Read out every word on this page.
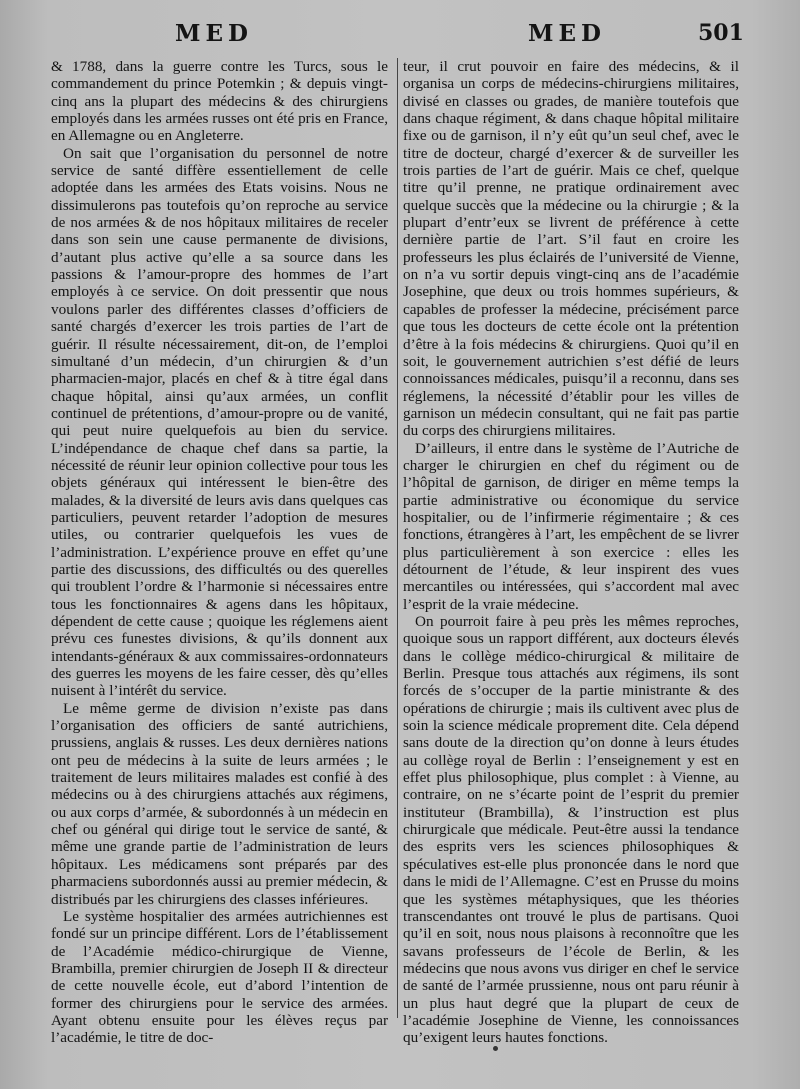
MED	MED	501

& 1788, dans la guerre contre les Turcs, sous le commandement du prince Potemkin ; & depuis vingt-cinq ans la plupart des médecins & des chirurgiens employés dans les armées russes ont été pris en France, en Allemagne ou en Angleterre.

On sait que l’organisation du personnel de notre service de santé diffère essentiellement de celle adoptée dans les armées des Etats voisins. Nous ne dissimulerons pas toutefois qu’on reproche au service de nos armées & de nos hôpitaux militaires de receler dans son sein une cause permanente de divisions, d’autant plus active qu’elle a sa source dans les passions & l’amour-propre des hommes de l’art employés à ce service. On doit pressentir que nous voulons parler des différentes classes d’officiers de santé chargés d’exercer les trois parties de l’art de guérir. Il résulte nécessairement, dit-on, de l’emploi simultané d’un médecin, d’un chirurgien & d’un pharmacien-major, placés en chef & à titre égal dans chaque hôpital, ainsi qu’aux armées, un conflit continuel de prétentions, d’amour-propre ou de vanité, qui peut nuire quelquefois au bien du service. L’indépendance de chaque chef dans sa partie, la nécessité de réunir leur opinion collective pour tous les objets généraux qui intéressent le bien-être des malades, & la diversité de leurs avis dans quelques cas particuliers, peuvent retarder l’adoption de mesures utiles, ou contrarier quelquefois les vues de l’administration. L’expérience prouve en effet qu’une partie des discussions, des difficultés ou des querelles qui troublent l’ordre & l’harmonie si nécessaires entre tous les fonctionnaires & agens dans les hôpitaux, dépendent de cette cause ; quoique les réglemens aient prévu ces funestes divisions, & qu’ils donnent aux intendants-généraux & aux commissaires-ordonnateurs des guerres les moyens de les faire cesser, dès qu’elles nuisent à l’intérêt du service.

Le même germe de division n’existe pas dans l’organisation des officiers de santé autrichiens, prussiens, anglais & russes. Les deux dernières nations ont peu de médecins à la suite de leurs armées ; le traitement de leurs militaires malades est confié à des médecins ou à des chirurgiens attachés aux régimens, ou aux corps d’armée, & subordonnés à un médecin en chef ou général qui dirige tout le service de santé, & même une grande partie de l’administration de leurs hôpitaux. Les médicamens sont préparés par des pharmaciens subordonnés aussi au premier médecin, & distribués par les chirurgiens des classes inférieures.

Le système hospitalier des armées autrichiennes est fondé sur un principe différent. Lors de l’établissement de l’Académie médico-chirurgique de Vienne, Brambilla, premier chirurgien de Joseph II & directeur de cette nouvelle école, eut d’abord l’intention de former des chirurgiens pour le service des armées. Ayant obtenu ensuite pour les élèves reçus par l’académie, le titre de doc-

teur, il crut pouvoir en faire des médecins, & il organisa un corps de médecins-chirurgiens militaires, divisé en classes ou grades, de manière toutefois que dans chaque régiment, & dans chaque hôpital militaire fixe ou de garnison, il n’y eût qu’un seul chef, avec le titre de docteur, chargé d’exercer & de surveiller les trois parties de l’art de guérir. Mais ce chef, quelque titre qu’il prenne, ne pratique ordinairement avec quelque succès que la médecine ou la chirurgie ; & la plupart d’entr’eux se livrent de préférence à cette dernière partie de l’art. S’il faut en croire les professeurs les plus éclairés de l’université de Vienne, on n’a vu sortir depuis vingt-cinq ans de l’académie Josephine, que deux ou trois hommes supérieurs, & capables de professer la médecine, précisément parce que tous les docteurs de cette école ont la prétention d’être à la fois médecins & chirurgiens. Quoi qu’il en soit, le gouvernement autrichien s’est défié de leurs connoissances médicales, puisqu’il a reconnu, dans ses réglemens, la nécessité d’établir pour les villes de garnison un médecin consultant, qui ne fait pas partie du corps des chirurgiens militaires.

D’ailleurs, il entre dans le système de l’Autriche de charger le chirurgien en chef du régiment ou de l’hôpital de garnison, de diriger en même temps la partie administrative ou économique du service hospitalier, ou de l’infirmerie régimentaire ; & ces fonctions, étrangères à l’art, les empêchent de se livrer plus particulièrement à son exercice : elles les détournent de l’étude, & leur inspirent des vues mercantiles ou intéressées, qui s’accordent mal avec l’esprit de la vraie médecine.

On pourroit faire à peu près les mêmes reproches, quoique sous un rapport différent, aux docteurs élevés dans le collège médico-chirurgical & militaire de Berlin. Presque tous attachés aux régimens, ils sont forcés de s’occuper de la partie ministrante & des opérations de chirurgie ; mais ils cultivent avec plus de soin la science médicale proprement dite. Cela dépend sans doute de la direction qu’on donne à leurs études au collège royal de Berlin : l’enseignement y est en effet plus philosophique, plus complet : à Vienne, au contraire, on ne s’écarte point de l’esprit du premier instituteur (Brambilla), & l’instruction est plus chirurgicale que médicale. Peut-être aussi la tendance des esprits vers les sciences philosophiques & spéculatives est-elle plus prononcée dans le nord que dans le midi de l’Allemagne. C’est en Prusse du moins que les systèmes métaphysiques, que les théories transcendantes ont trouvé le plus de partisans. Quoi qu’il en soit, nous nous plaisons à reconnoître que les savans professeurs de l’école de Berlin, & les médecins que nous avons vus diriger en chef le service de santé de l’armée prussienne, nous ont paru réunir à un plus haut degré que la plupart de ceux de l’académie Josephine de Vienne, les connoissances qu’exigent leurs hautes fonctions.
